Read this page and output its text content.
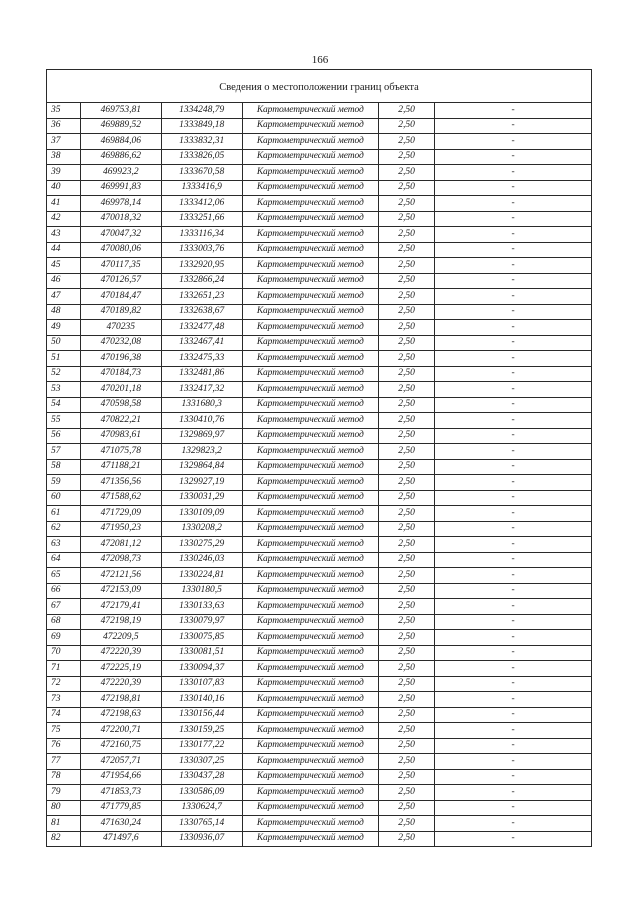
166
Сведения о местоположении границ объекта					
35	469753,81	1334248,79	Картометрический метод	2,50	-
36	469889,52	1333849,18	Картометрический метод	2,50	-
37	469884,06	1333832,31	Картометрический метод	2,50	-
38	469886,62	1333826,05	Картометрический метод	2,50	-
39	469923,2	1333670,58	Картометрический метод	2,50	-
40	469991,83	1333416,9	Картометрический метод	2,50	-
41	469978,14	1333412,06	Картометрический метод	2,50	-
42	470018,32	1333251,66	Картометрический метод	2,50	-
43	470047,32	1333116,34	Картометрический метод	2,50	-
44	470080,06	1333003,76	Картометрический метод	2,50	-
45	470117,35	1332920,95	Картометрический метод	2,50	-
46	470126,57	1332866,24	Картометрический метод	2,50	-
47	470184,47	1332651,23	Картометрический метод	2,50	-
48	470189,82	1332638,67	Картометрический метод	2,50	-
49	470235	1332477,48	Картометрический метод	2,50	-
50	470232,08	1332467,41	Картометрический метод	2,50	-
51	470196,38	1332475,33	Картометрический метод	2,50	-
52	470184,73	1332481,86	Картометрический метод	2,50	-
53	470201,18	1332417,32	Картометрический метод	2,50	-
54	470598,58	1331680,3	Картометрический метод	2,50	-
55	470822,21	1330410,76	Картометрический метод	2,50	-
56	470983,61	1329869,97	Картометрический метод	2,50	-
57	471075,78	1329823,2	Картометрический метод	2,50	-
58	471188,21	1329864,84	Картометрический метод	2,50	-
59	471356,56	1329927,19	Картометрический метод	2,50	-
60	471588,62	1330031,29	Картометрический метод	2,50	-
61	471729,09	1330109,09	Картометрический метод	2,50	-
62	471950,23	1330208,2	Картометрический метод	2,50	-
63	472081,12	1330275,29	Картометрический метод	2,50	-
64	472098,73	1330246,03	Картометрический метод	2,50	-
65	472121,56	1330224,81	Картометрический метод	2,50	-
66	472153,09	1330180,5	Картометрический метод	2,50	-
67	472179,41	1330133,63	Картометрический метод	2,50	-
68	472198,19	1330079,97	Картометрический метод	2,50	-
69	472209,5	1330075,85	Картометрический метод	2,50	-
70	472220,39	1330081,51	Картометрический метод	2,50	-
71	472225,19	1330094,37	Картометрический метод	2,50	-
72	472220,39	1330107,83	Картометрический метод	2,50	-
73	472198,81	1330140,16	Картометрический метод	2,50	-
74	472198,63	1330156,44	Картометрический метод	2,50	-
75	472200,71	1330159,25	Картометрический метод	2,50	-
76	472160,75	1330177,22	Картометрический метод	2,50	-
77	472057,71	1330307,25	Картометрический метод	2,50	-
78	471954,66	1330437,28	Картометрический метод	2,50	-
79	471853,73	1330586,09	Картометрический метод	2,50	-
80	471779,85	1330624,7	Картометрический метод	2,50	-
81	471630,24	1330765,14	Картометрический метод	2,50	-
82	471497,6	1330936,07	Картометрический метод	2,50	-
